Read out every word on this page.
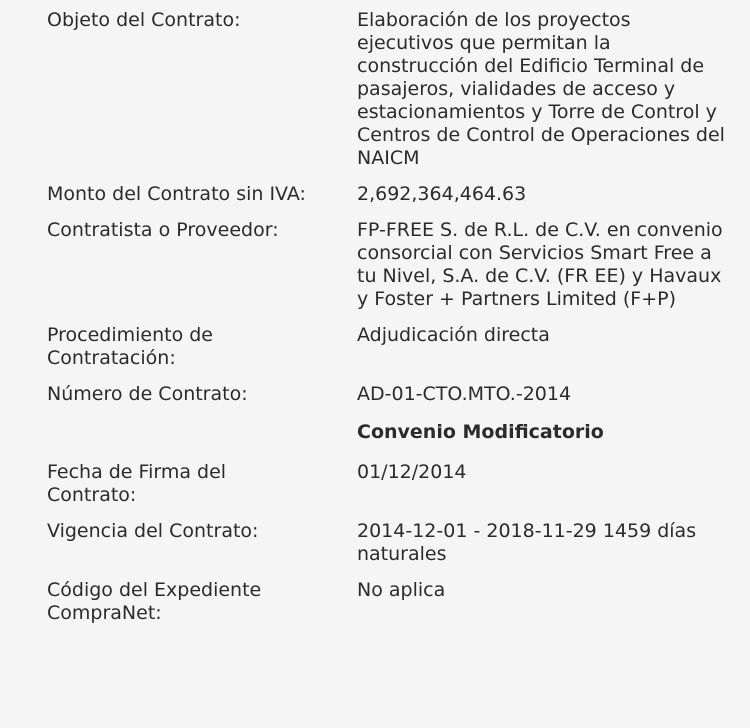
Objeto del Contrato:	Elaboración de los proyectos ejecutivos que permitan la construcción del Edificio Terminal de pasajeros, vialidades de acceso y estacionamientos y Torre de Control y Centros de Control de Operaciones del NAICM
Monto del Contrato sin IVA:	2,692,364,464.63
Contratista o Proveedor:	FP-FREE S. de R.L. de C.V. en convenio consorcial con Servicios Smart Free a tu Nivel, S.A. de C.V. (FR EE) y Havaux y Foster + Partners Limited (F+P)
Procedimiento de Contratación:
Adjudicación directa
Número de Contrato:	AD-01-CTO.MTO.-2014
Convenio Modificatorio
Fecha de Firma del Contrato:
01/12/2014
Vigencia del Contrato:	2014-12-01 - 2018-11-29 1459 días naturales
Código del Expediente CompraNet:
No aplica
